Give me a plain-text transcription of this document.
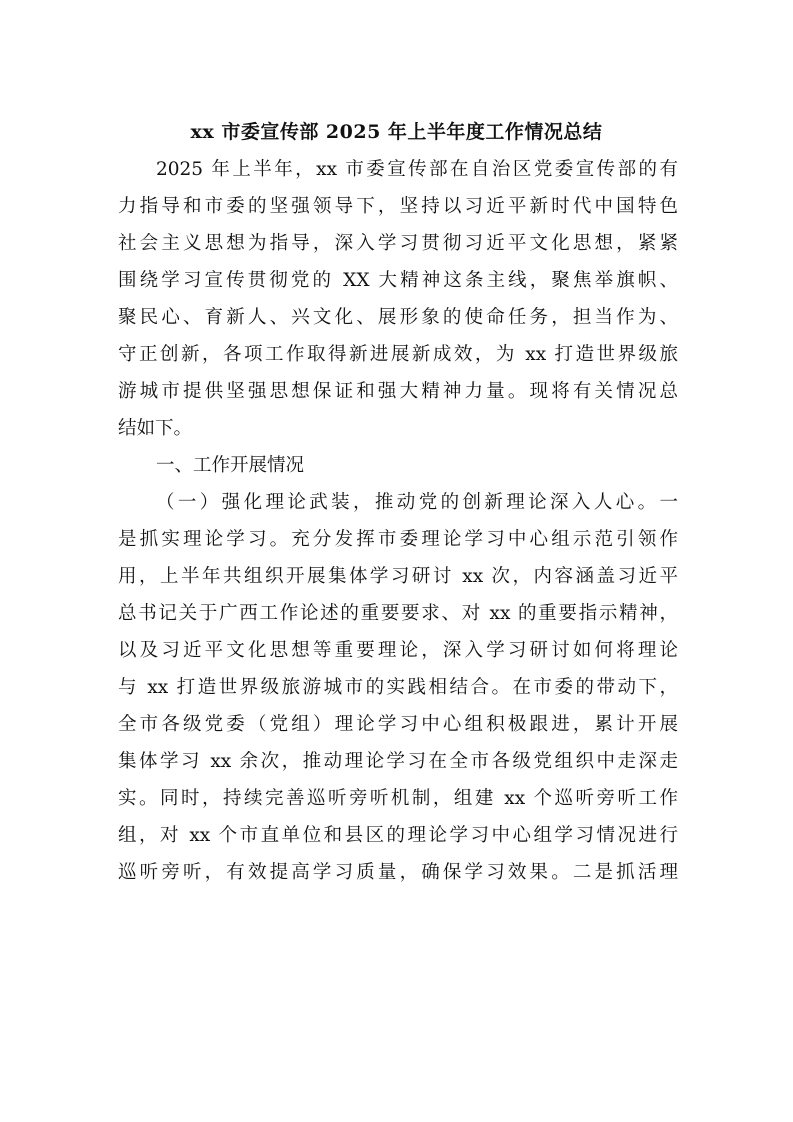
xx 市委宣传部 2025 年上半年度工作情况总结
2025 年上半年，xx 市委宣传部在自治区党委宣传部的有
力指导和市委的坚强领导下，坚持以习近平新时代中国特色
社会主义思想为指导，深入学习贯彻习近平文化思想，紧紧
围绕学习宣传贯彻党的 XX 大精神这条主线，聚焦举旗帜、
聚民心、育新人、兴文化、展形象的使命任务，担当作为、
守正创新，各项工作取得新进展新成效，为 xx 打造世界级旅
游城市提供坚强思想保证和强大精神力量。现将有关情况总
结如下。
一、工作开展情况
（一）强化理论武装，推动党的创新理论深入人心。一
是抓实理论学习。充分发挥市委理论学习中心组示范引领作
用，上半年共组织开展集体学习研讨 xx 次，内容涵盖习近平
总书记关于广西工作论述的重要要求、对 xx 的重要指示精神，
以及习近平文化思想等重要理论，深入学习研讨如何将理论
与 xx 打造世界级旅游城市的实践相结合。在市委的带动下，
全市各级党委（党组）理论学习中心组积极跟进，累计开展
集体学习 xx 余次，推动理论学习在全市各级党组织中走深走
实。同时，持续完善巡听旁听机制，组建 xx 个巡听旁听工作
组，对 xx 个市直单位和县区的理论学习中心组学习情况进行
巡听旁听，有效提高学习质量，确保学习效果。二是抓活理
